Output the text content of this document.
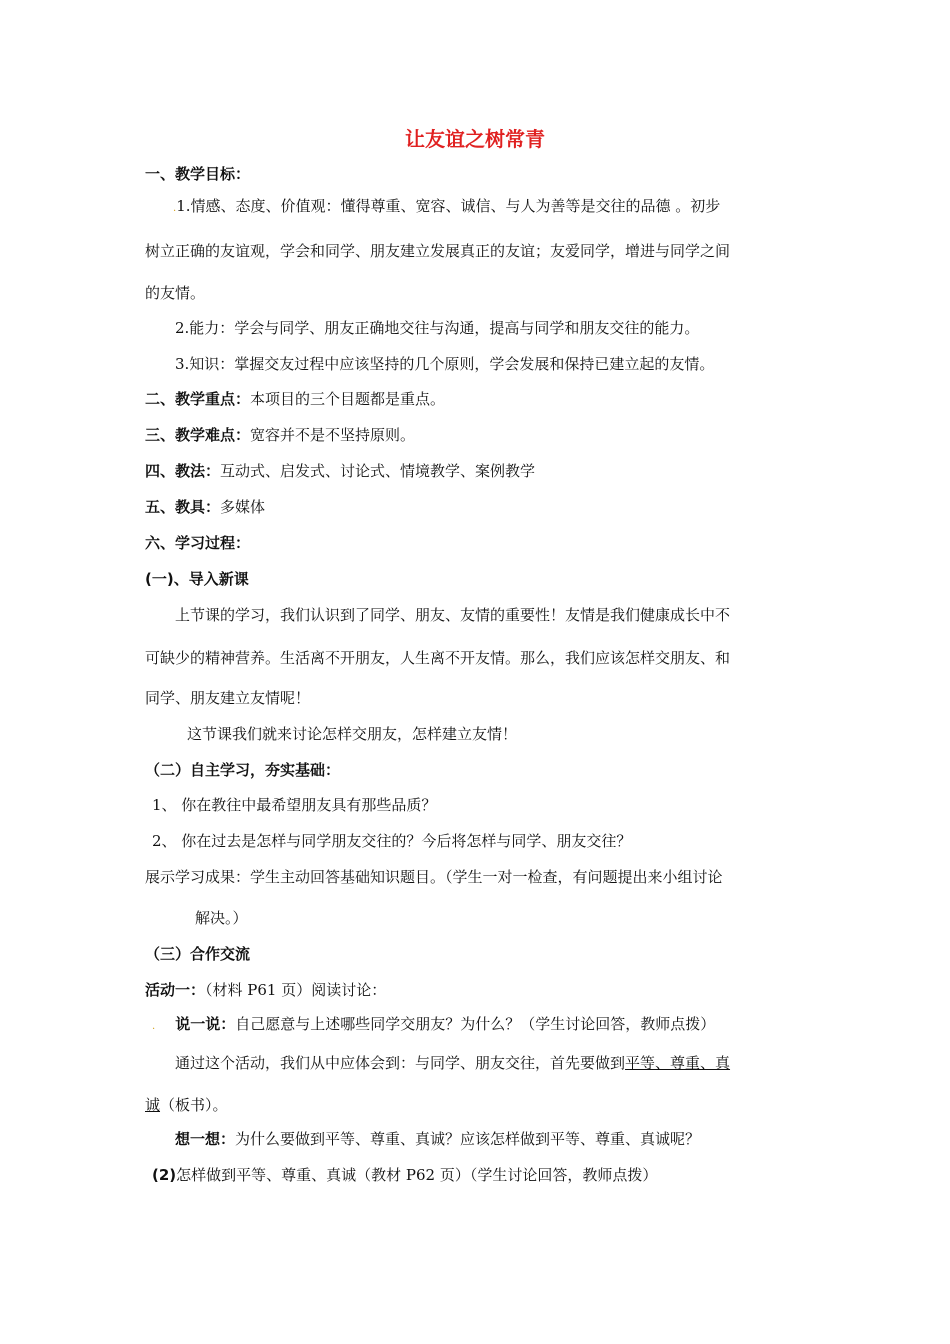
让友谊之树常青
一、教学目标：
.1.情感、态度、价值观：懂得尊重、宽容、诚信、与人为善等是交往的品德 。初步
树立正确的友谊观，学会和同学、朋友建立发展真正的友谊；友爱同学，增进与同学之间
的友情。
2.能力：学会与同学、朋友正确地交往与沟通，提高与同学和朋友交往的能力。
3.知识：掌握交友过程中应该坚持的几个原则，学会发展和保持已建立起的友情。
二、教学重点：本项目的三个目题都是重点。
三、教学难点：宽容并不是不坚持原则。
四、教法：互动式、启发式、讨论式、情境教学、案例教学
五、教具：多媒体
六、学习过程：
(一)、导入新课
上节课的学习，我们认识到了同学、朋友、友情的重要性！友情是我们健康成长中不
可缺少的精神营养。生活离不开朋友，人生离不开友情。那么，我们应该怎样交朋友、和
同学、朋友建立友情呢！
这节课我们就来讨论怎样交朋友，怎样建立友情！
（二）自主学习，夯实基础：
1、 你在教往中最希望朋友具有那些品质？
2、 你在过去是怎样与同学朋友交往的？今后将怎样与同学、朋友交往？
展示学习成果：学生主动回答基础知识题目。（学生一对一检查，有问题提出来小组讨论
解决。）
（三）合作交流
活动一：（材料 P61 页）阅读讨论：
. 说一说：自己愿意与上述哪些同学交朋友？为什么？（学生讨论回答，教师点拨）
通过这个活动，我们从中应体会到：与同学、朋友交往，首先要做到平等、尊重、真
诚（板书）。
想一想：为什么要做到平等、尊重、真诚？应该怎样做到平等、尊重、真诚呢？
(2)怎样做到平等、尊重、真诚（教材 P62 页）（学生讨论回答，教师点拨）
